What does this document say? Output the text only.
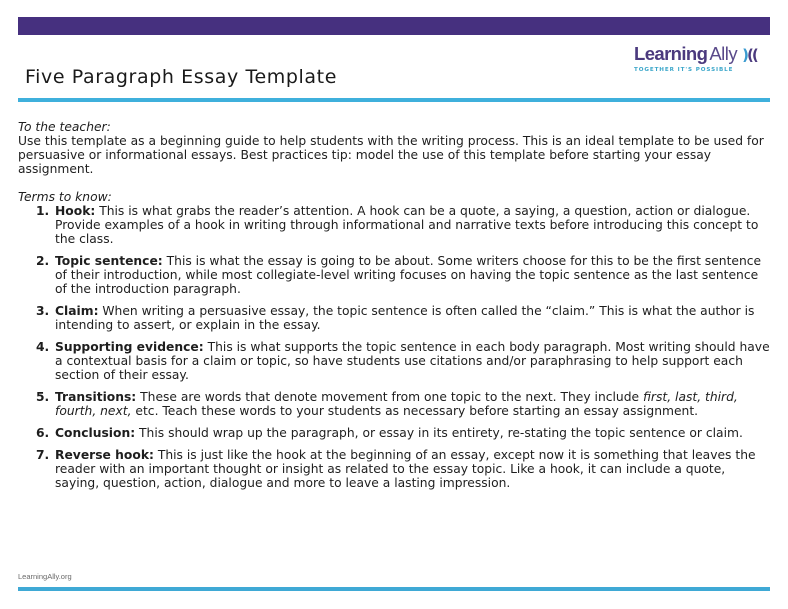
Learning Ally )((
TOGETHER IT'S POSSIBLE
Five Paragraph Essay Template

To the teacher:

Use this template as a beginning guide to help students with the writing process. This is an ideal template to be used for persuasive or informational essays. Best practices tip: model the use of this template before starting your essay assignment.

Terms to know:

1. Hook: This is what grabs the reader’s attention. A hook can be a quote, a saying, a question, action or dialogue. Provide examples of a hook in writing through informational and narrative texts before introducing this concept to the class.
2. Topic sentence: This is what the essay is going to be about. Some writers choose for this to be the first sentence of their introduction, while most collegiate-level writing focuses on having the topic sentence as the last sentence of the introduction paragraph.
3. Claim: When writing a persuasive essay, the topic sentence is often called the “claim.” This is what the author is intending to assert, or explain in the essay.
4. Supporting evidence: This is what supports the topic sentence in each body paragraph. Most writing should have a contextual basis for a claim or topic, so have students use citations and/or paraphrasing to help support each section of their essay.
5. Transitions: These are words that denote movement from one topic to the next. They include first, last, third, fourth, next, etc. Teach these words to your students as necessary before starting an essay assignment.
6. Conclusion: This should wrap up the paragraph, or essay in its entirety, re-stating the topic sentence or claim.
7. Reverse hook: This is just like the hook at the beginning of an essay, except now it is something that leaves the reader with an important thought or insight as related to the essay topic. Like a hook, it can include a quote, saying, question, action, dialogue and more to leave a lasting impression.
LearningAlly.org
